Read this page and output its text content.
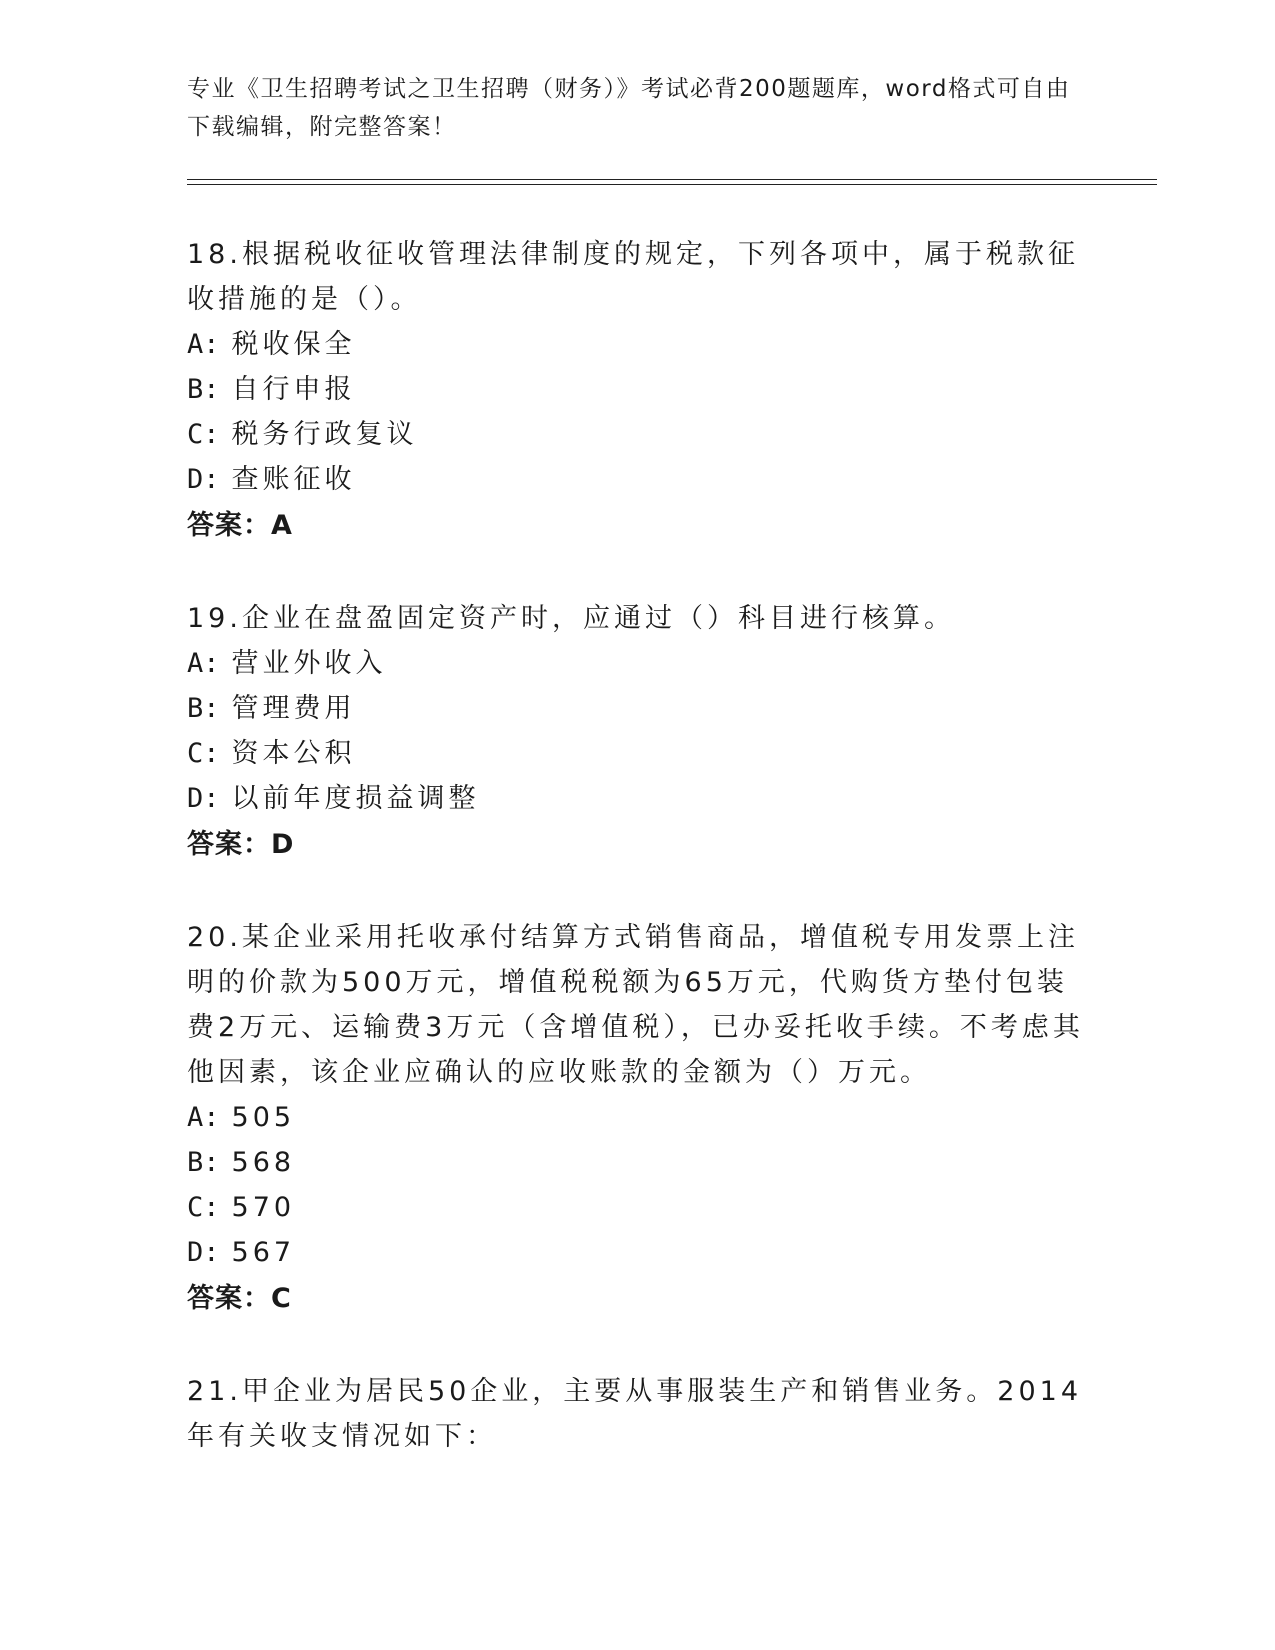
专业《卫生招聘考试之卫生招聘（财务）》考试必背200题题库，word格式可自由下载编辑，附完整答案！

18.根据税收征收管理法律制度的规定，下列各项中，属于税款征收措施的是（）。

A: 税收保全
B: 自行申报
C: 税务行政复议
D: 查账征收

答案：A

19.企业在盘盈固定资产时，应通过（）科目进行核算。

A: 营业外收入
B: 管理费用
C: 资本公积
D: 以前年度损益调整

答案：D

20.某企业采用托收承付结算方式销售商品，增值税专用发票上注明的价款为500万元，增值税税额为65万元，代购货方垫付包装费2万元、运输费3万元（含增值税），已办妥托收手续。不考虑其他因素，该企业应确认的应收账款的金额为（）万元。

A: 505
B: 568
C: 570
D: 567

答案：C

21.甲企业为居民50企业，主要从事服装生产和销售业务。2014年有关收支情况如下：
